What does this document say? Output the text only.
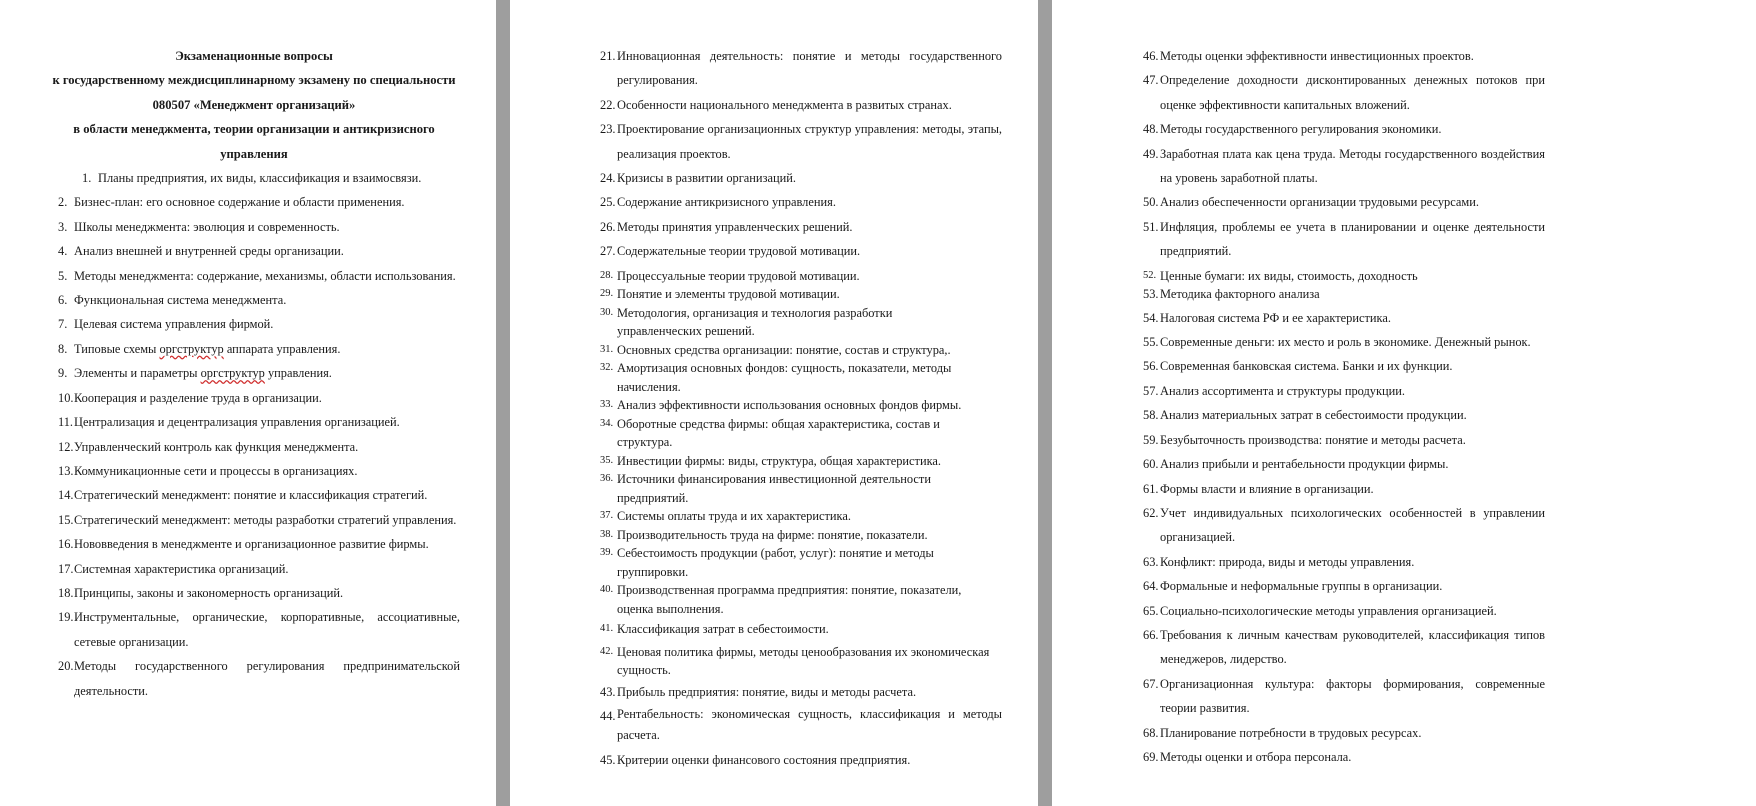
Экзаменационные вопросы
к государственному междисциплинарному экзамену по специальности
080507 «Менеджмент организаций»
в области менеджмента, теории организации и антикризисного
управления
1. Планы предприятия, их виды, классификация и взаимосвязи.
2. Бизнес-план: его основное содержание и области применения.
3. Школы менеджмента: эволюция и современность.
4. Анализ внешней и внутренней среды организации.
5. Методы менеджмента: содержание, механизмы, области использования.
6. Функциональная система менеджмента.
7. Целевая система управления фирмой.
8. Типовые схемы оргструктур аппарата управления.
9. Элементы и параметры оргструктур управления.
10. Кооперация и разделение труда в организации.
11. Централизация и децентрализация управления организацией.
12. Управленческий контроль как функция менеджмента.
13. Коммуникационные сети и процессы в организациях.
14. Стратегический менеджмент: понятие и классификация стратегий.
15. Стратегический менеджмент: методы разработки стратегий управления.
16. Нововведения в менеджменте и организационное развитие фирмы.
17. Системная характеристика организаций.
18. Принципы, законы и закономерность организаций.
19. Инструментальные, органические, корпоративные, ассоциативные, сетевые организации.
20. Методы государственного регулирования предпринимательской деятельности.
21. Инновационная деятельность: понятие и методы государственного регулирования.
22. Особенности национального менеджмента в развитых странах.
23. Проектирование организационных структур управления: методы, этапы, реализация проектов.
24. Кризисы в развитии организаций.
25. Содержание антикризисного управления.
26. Методы принятия управленческих решений.
27. Содержательные теории трудовой мотивации.
28. Процессуальные теории трудовой мотивации.
29. Понятие и элементы трудовой мотивации.
30. Методология, организация и технология разработки управленческих решений.
31. Основных средства организации: понятие, состав и структура,.
32. Амортизация основных фондов: сущность, показатели, методы начисления.
33. Анализ эффективности использования основных фондов фирмы.
34. Оборотные средства фирмы: общая характеристика, состав и структура.
35. Инвестиции фирмы: виды, структура, общая характеристика.
36. Источники финансирования инвестиционной деятельности предприятий.
37. Системы оплаты труда и их характеристика.
38. Производительность труда на фирме: понятие, показатели.
39. Себестоимость продукции (работ, услуг): понятие и методы группировки.
40. Производственная программа предприятия: понятие, показатели, оценка выполнения.
41. Классификация затрат в себестоимости.
42. Ценовая политика фирмы, методы ценообразования их экономическая сущность.
43. Прибыль предприятия: понятие, виды и методы расчета.
44. Рентабельность: экономическая сущность, классификация и методы расчета.
45. Критерии оценки финансового состояния предприятия.
46. Методы оценки эффективности инвестиционных проектов.
47. Определение доходности дисконтированных денежных потоков при оценке эффективности капитальных вложений.
48. Методы государственного регулирования экономики.
49. Заработная плата как цена труда. Методы государственного воздействия на уровень заработной платы.
50. Анализ обеспеченности организации трудовыми ресурсами.
51. Инфляция, проблемы ее учета в планировании и оценке деятельности предприятий.
52. Ценные бумаги: их виды, стоимость, доходность
53. Методика факторного анализа
54. Налоговая система РФ и ее характеристика.
55. Современные деньги: их место и роль в экономике. Денежный рынок.
56. Современная банковская система. Банки и их функции.
57. Анализ ассортимента и структуры продукции.
58. Анализ материальных затрат в себестоимости продукции.
59. Безубыточность производства: понятие и методы расчета.
60. Анализ прибыли и рентабельности продукции фирмы.
61. Формы власти и влияние в организации.
62. Учет индивидуальных психологических особенностей в управлении организацией.
63. Конфликт: природа, виды и методы управления.
64. Формальные и неформальные группы в организации.
65. Социально-психологические методы управления организацией.
66. Требования к личным качествам руководителей, классификация типов менеджеров, лидерство.
67. Организационная культура: факторы формирования, современные теории развития.
68. Планирование потребности в трудовых ресурсах.
69. Методы оценки и отбора персонала.
